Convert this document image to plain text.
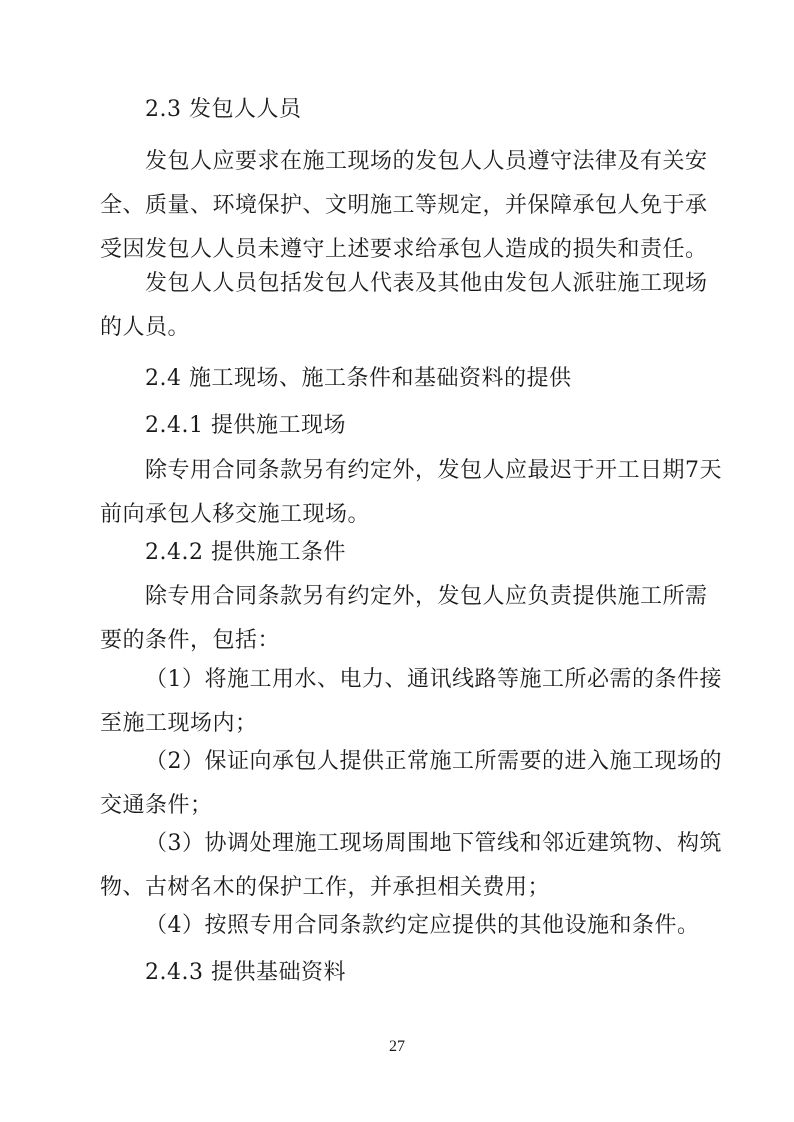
2.3 发包人人员
发包人应要求在施工现场的发包人人员遵守法律及有关安
全、质量、环境保护、文明施工等规定，并保障承包人免于承
受因发包人人员未遵守上述要求给承包人造成的损失和责任。
发包人人员包括发包人代表及其他由发包人派驻施工现场
的人员。
2.4 施工现场、施工条件和基础资料的提供
2.4.1 提供施工现场
除专用合同条款另有约定外，发包人应最迟于开工日期7天
前向承包人移交施工现场。
2.4.2 提供施工条件
除专用合同条款另有约定外，发包人应负责提供施工所需
要的条件，包括：
（1）将施工用水、电力、通讯线路等施工所必需的条件接
至施工现场内；
（2）保证向承包人提供正常施工所需要的进入施工现场的
交通条件；
（3）协调处理施工现场周围地下管线和邻近建筑物、构筑
物、古树名木的保护工作，并承担相关费用；
（4）按照专用合同条款约定应提供的其他设施和条件。
2.4.3 提供基础资料
27
